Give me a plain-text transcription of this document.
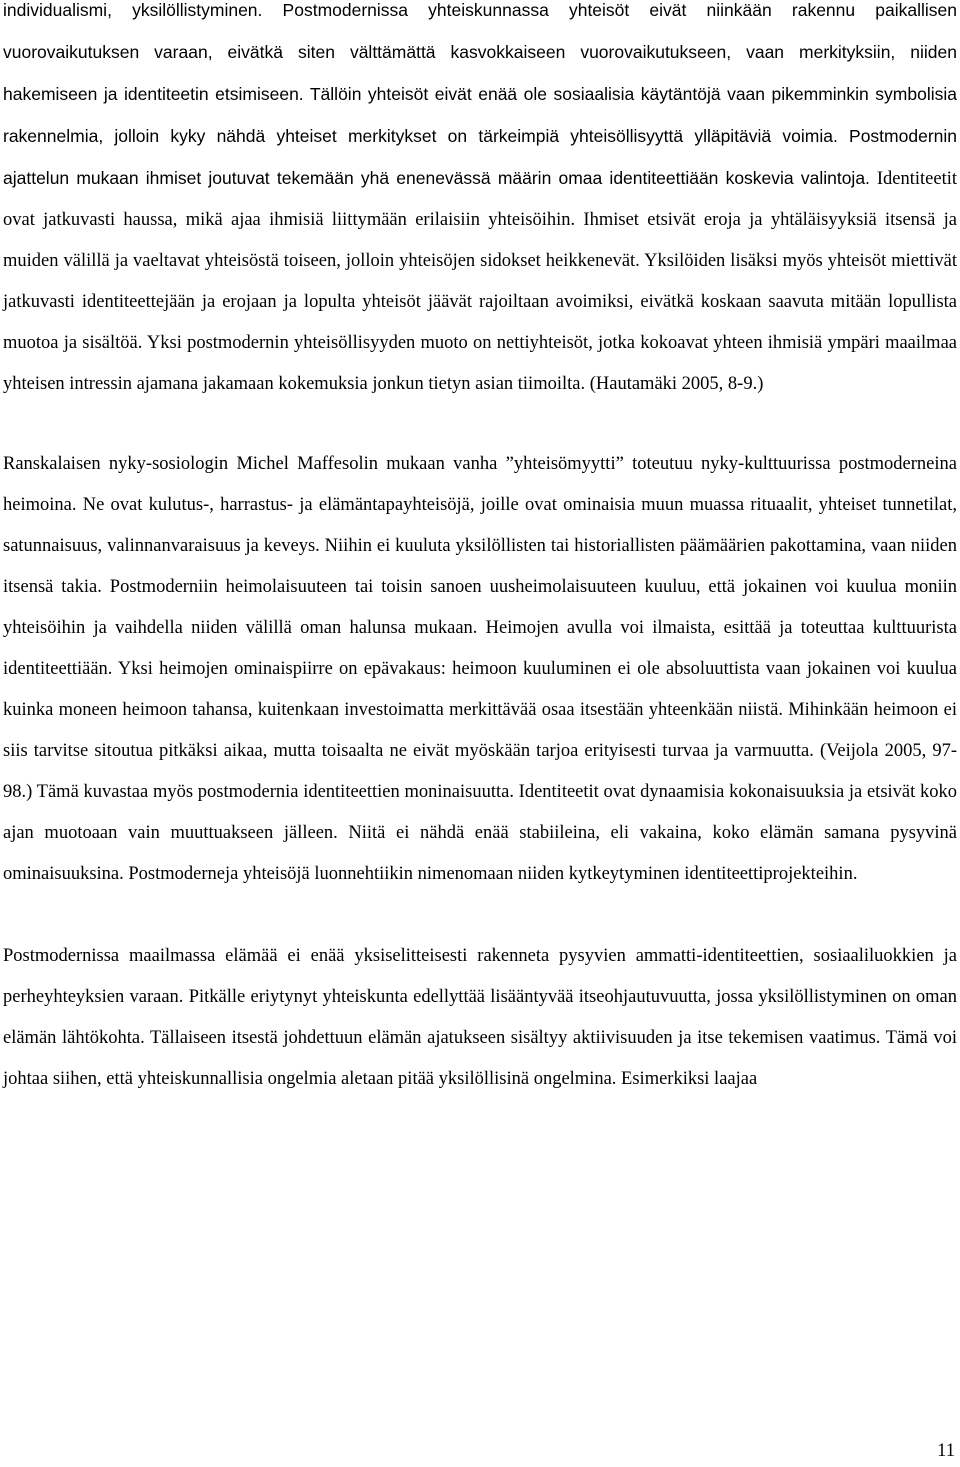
individualismi, yksilöllistyminen. Postmodernissa yhteiskunnassa yhteisöt eivät niinkään rakennu paikallisen vuorovaikutuksen varaan, eivätkä siten välttämättä kasvokkaiseen vuorovaikutukseen, vaan merkityksiin, niiden hakemiseen ja identiteetin etsimiseen. Tällöin yhteisöt eivät enää ole sosiaalisia käytäntöjä vaan pikemminkin symbolisia rakennelmia, jolloin kyky nähdä yhteiset merkitykset on tärkeimpiä yhteisöllisyyttä ylläpitäviä voimia. Postmodernin ajattelun mukaan ihmiset joutuvat tekemään yhä enenevässä määrin omaa identiteettiään koskevia valintoja. Identiteetit ovat jatkuvasti haussa, mikä ajaa ihmisiä liittymään erilaisiin yhteisöihin. Ihmiset etsivät eroja ja yhtäläisyyksiä itsensä ja muiden välillä ja vaeltavat yhteisöstä toiseen, jolloin yhteisöjen sidokset heikkenevät. Yksilöiden lisäksi myös yhteisöt miettivät jatkuvasti identiteettejään ja erojaan ja lopulta yhteisöt jäävät rajoiltaan avoimiksi, eivätkä koskaan saavuta mitään lopullista muotoa ja sisältöä. Yksi postmodernin yhteisöllisyyden muoto on nettiyhteisöt, jotka kokoavat yhteen ihmisiä ympäri maailmaa yhteisen intressin ajamana jakamaan kokemuksia jonkun tietyn asian tiimoilta. (Hautamäki 2005, 8-9.)

Ranskalaisen nyky-sosiologin Michel Maffesolin mukaan vanha ”yhteisömyytti” toteutuu nyky-kulttuurissa postmoderneina heimoina. Ne ovat kulutus-, harrastus- ja elämäntapayhteisöjä, joille ovat ominaisia muun muassa rituaalit, yhteiset tunnetilat, satunnaisuus, valinnanvaraisuus ja keveys. Niihin ei kuuluta yksilöllisten tai historiallisten päämäärien pakottamina, vaan niiden itsensä takia. Postmoderniin heimolaisuuteen tai toisin sanoen uusheimolaisuuteen kuuluu, että jokainen voi kuulua moniin yhteisöihin ja vaihdella niiden välillä oman halunsa mukaan. Heimojen avulla voi ilmaista, esittää ja toteuttaa kulttuurista identiteettiään. Yksi heimojen ominaispiirre on epävakaus: heimoon kuuluminen ei ole absoluuttista vaan jokainen voi kuulua kuinka moneen heimoon tahansa, kuitenkaan investoimatta merkittävää osaa itsestään yhteenkään niistä. Mihinkään heimoon ei siis tarvitse sitoutua pitkäksi aikaa, mutta toisaalta ne eivät myöskään tarjoa erityisesti turvaa ja varmuutta. (Veijola 2005, 97-98.) Tämä kuvastaa myös postmodernia identiteettien moninaisuutta. Identiteetit ovat dynaamisia kokonaisuuksia ja etsivät koko ajan muotoaan vain muuttuakseen jälleen. Niitä ei nähdä enää stabiileina, eli vakaina, koko elämän samana pysyvinä ominaisuuksina. Postmoderneja yhteisöjä luonnehtiikin nimenomaan niiden kytkeytyminen identiteettiprojekteihin.

Postmodernissa maailmassa elämää ei enää yksiselitteisesti rakenneta pysyvien ammatti-identiteettien, sosiaaliluokkien ja perheyhteyksien varaan. Pitkälle eriytynyt yhteiskunta edellyttää lisääntyvää itseohjautuvuutta, jossa yksilöllistyminen on oman elämän lähtökohta. Tällaiseen itsestä johdettuun elämän ajatukseen sisältyy aktiivisuuden ja itse tekemisen vaatimus. Tämä voi johtaa siihen, että yhteiskunnallisia ongelmia aletaan pitää yksilöllisinä ongelmina. Esimerkiksi laajaa

11
